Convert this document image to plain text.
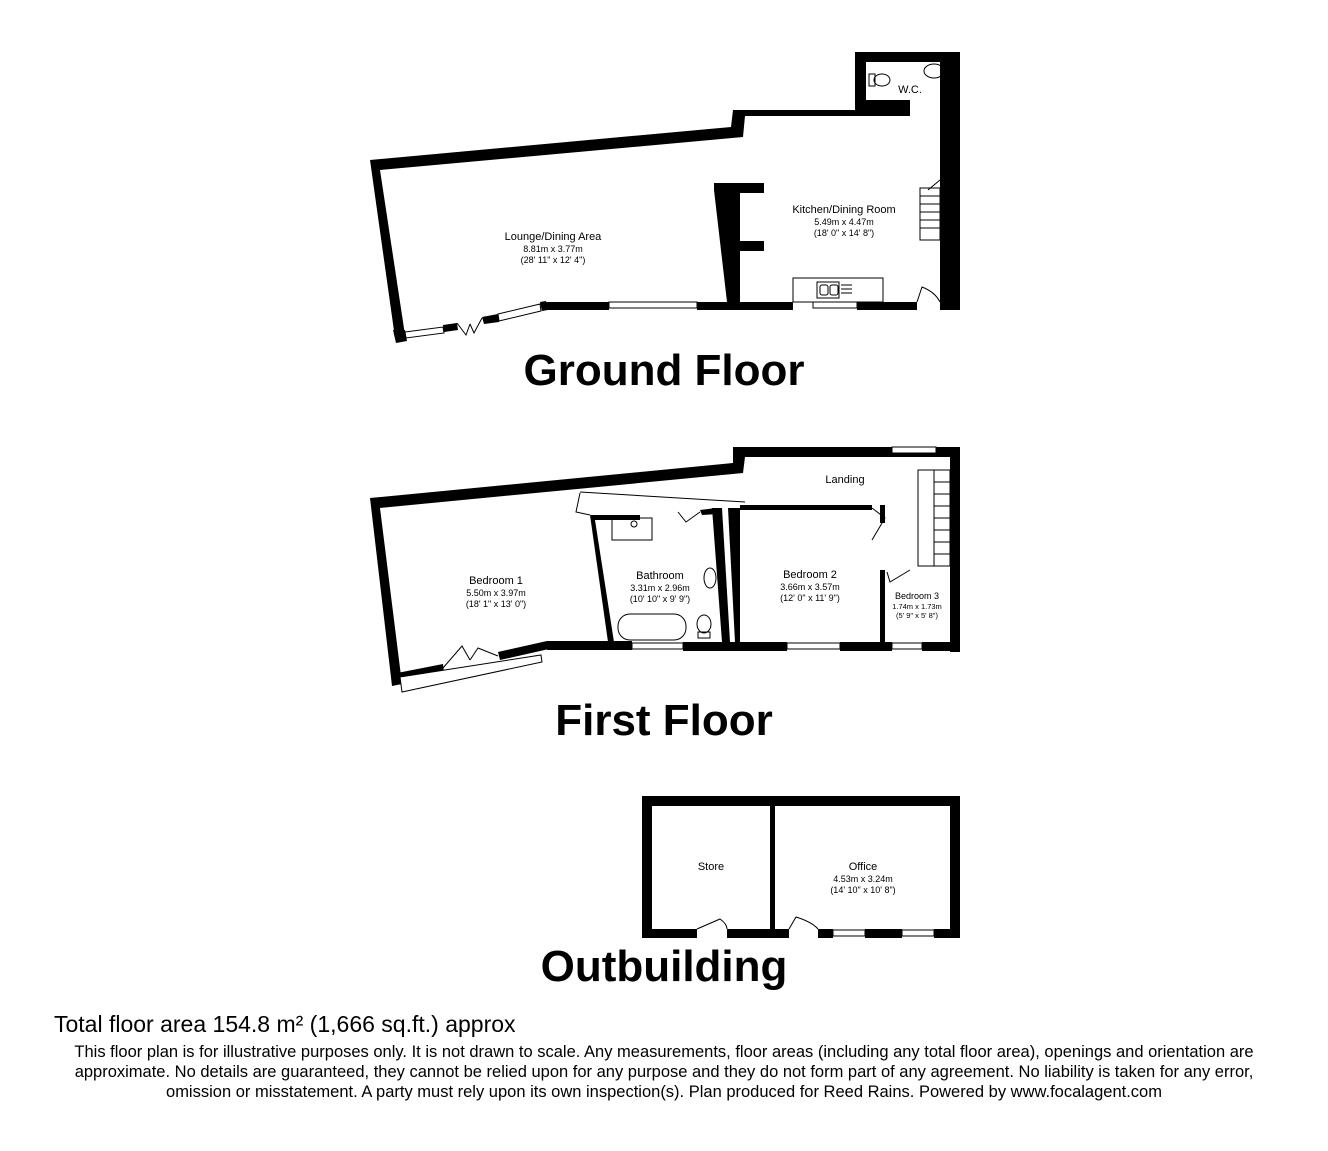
Lounge/Dining Area
8.81m x 3.77m
(28' 11" x 12' 4")
Kitchen/Dining Room
5.49m x 4.47m
(18' 0" x 14' 8")
W.C.
Ground Floor
Bedroom 1
5.50m x 3.97m
(18' 1" x 13' 0")
Bathroom
3.31m x 2.96m
(10' 10" x 9' 9")
Bedroom 2
3.66m x 3.57m
(12' 0" x 11' 9")	Bedroom 3
1.74m x 1.73m
(5' 9" x 5' 8")
Landing
First Floor
Store	Office
4.53m x 3.24m
(14' 10" x 10' 8")
Outbuilding
Total floor area 154.8 m² (1,666 sq.ft.) approx
This floor plan is for illustrative purposes only. It is not drawn to scale. Any measurements, floor areas (including any total floor area), openings and orientation are approximate. No details are guaranteed, they cannot be relied upon for any purpose and they do not form part of any agreement. No liability is taken for any error, omission or misstatement. A party must rely upon its own inspection(s). Plan produced for Reed Rains. Powered by www.focalagent.com
